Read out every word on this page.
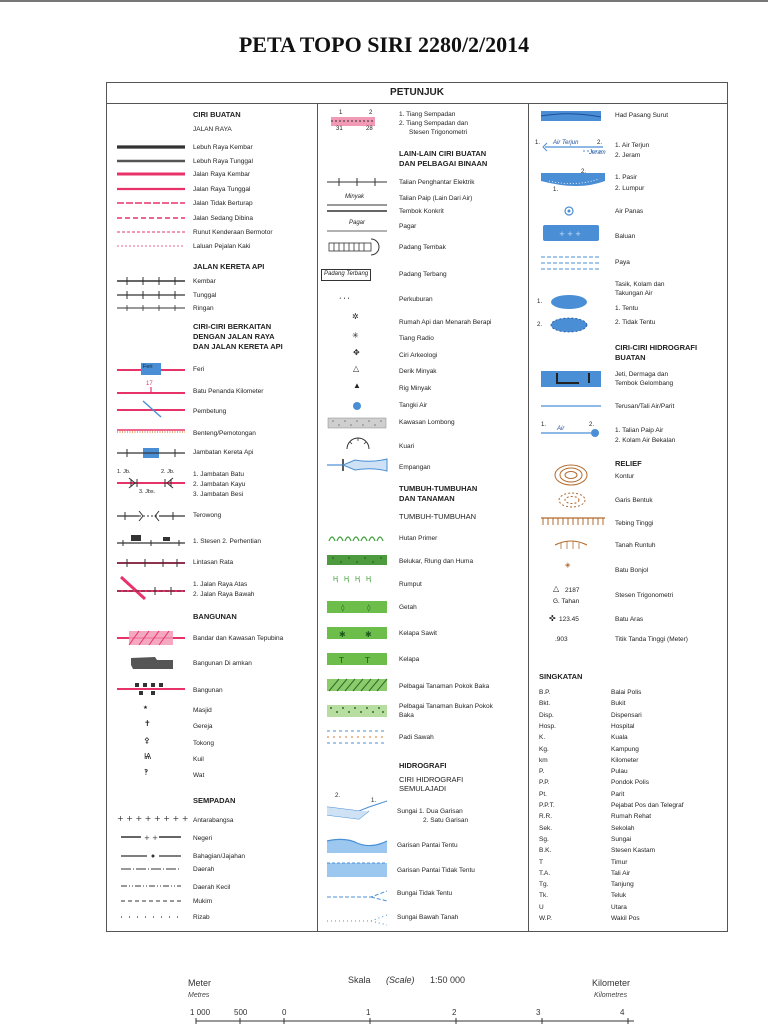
PETA TOPO SIRI 2280/2/2014
PETUNJUK
CIRI BUATAN
JALAN RAYA
Lebuh Raya Kembar
Lebuh Raya Tunggal
Jalan Raya Kembar
Jalan Raya Tunggal
Jalan Tidak Berturap
Jalan Sedang Dibina
Runut Kenderaan Bermotor
Laluan Pejalan Kaki
JALAN KERETA API
Kembar
Tunggal
Ringan
CIRI-CIRI BERKAITAN
DENGAN JALAN RAYA
DAN JALAN KERETA API
Feri	Feri
17
Batu Penanda Kilometer
Pembetung
Benteng/Pemotongan
Jambatan Kereta Api
1. Jb.	2. Jb.
3. Jbs.
1. Jambatan Batu
2. Jambatan Kayu
3. Jambatan Besi
Terowong
1. Stesen 2. Perhentian
Lintasan Rata
1. Jalan Raya Atas
2. Jalan Raya Bawah
BANGUNAN
Bandar dan Kawasan Tepubina
Bangunan Di amkan
Bangunan
٭	Masjid
✝	Gereja
⚴	Tokong
Ѩ	Kuil
‽	Wat
SEMPADAN
+ + + + + + + +
+ +
Antarabangsa
Negeri
Bahagian/Jajahan
Daerah
Daerah Kecil
Mukim
Rizab
1	2
31	28
1. Tiang Sempadan
2. Tiang Sempadan dan
Stesen Trigonometri
LAIN-LAIN CIRI BUATAN
DAN PELBAGAI BINAAN
Talian Penghantar Elektrik
Minyak	Talian Paip (Lain Dari Air)
Tembok Konkrit
Pagar	Pagar
Padang Tembak
Padang Terbang	Padang Terbang
، ، ،	Perkuburan
✲
Rumah Api dan Menarah Berapi
✳	Tiang Radio
✥	Ciri Arkeologi
△	Derik Minyak
▲	Rig Minyak
Tangki Air
Kawasan Lombong
Kuari
Empangan
TUMBUH-TUMBUHAN
DAN TANAMAN
TUMBUH-TUMBUHAN
Hutan Primer
Belukar, Rlung dan Huma
Ӊ Ӊ Ӊ Ӊ
Rumput
◊	◊	Getah
✱ ✱	Kelapa Sawit
T	T	Kelapa
Pelbagai Tanaman Pokok Baka
Pelbagai Tanaman Bukan Pokok
Baka
Padi Sawah
HIDROGRAFI
CIRI HIDROGRAFI
SEMULAJADI
2.
1.
Sungai 1. Dua Garisan
2. Satu Garisan
Garisan Pantai Tentu
Garisan Pantai Tidak Tentu
Bungai Tidak Tentu
Sungai Bawah Tanah
Had Pasang Surut
1. Air Terjun	2.
Jeram
1. Air Terjun
2. Jeram
2.
1.
1. Pasir
2. Lumpur
Air Panas
+ + +	Baluan
Paya
Tasik, Kolam dan
Takungan Air
1.
2.
1. Tentu
2. Tidak Tentu
CIRI-CIRI HIDROGRAFI
BUATAN
Jeti, Dermaga dan
Tembok Gelombang
Terusan/Tali Air/Parit
1.
Air
2.
1. Talian Paip Air
2. Kolam Air Bekalan
RELIEF
Kontur
Garis Bentuk
Tebing Tinggi
Tanah Runtuh
◈
Batu Bonjol
△ 2187
G. Tahan
Stesen Trigonometri
✜ 123.45	Batu Aras
.903	Titik Tanda Tinggi (Meter)
SINGKATAN
B.P.	Balai Polis
Bkt.	Bukit
Disp.	Dispensari
Hosp.	Hospital
K.	Kuala
Kg.	Kampung
km	Kilometer
P.	Pulau
P.P.	Pondok Polis
Pt.	Parit
P.P.T.	Pejabat Pos dan Telegraf
R.R.	Rumah Rehat
Sek.	Sekolah
Sg.	Sungai
B.K.	Stesen Kastam
T	Timur
T.A.	Tali Air
Tg.	Tanjung
Tk.	Teluk
U	Utara
W.P.	Wakil Pos
Meter
Metres
Skala (Scale) 1:50 000	Kilometer
Kilometres
1 000	500	0	1	2	3	4
